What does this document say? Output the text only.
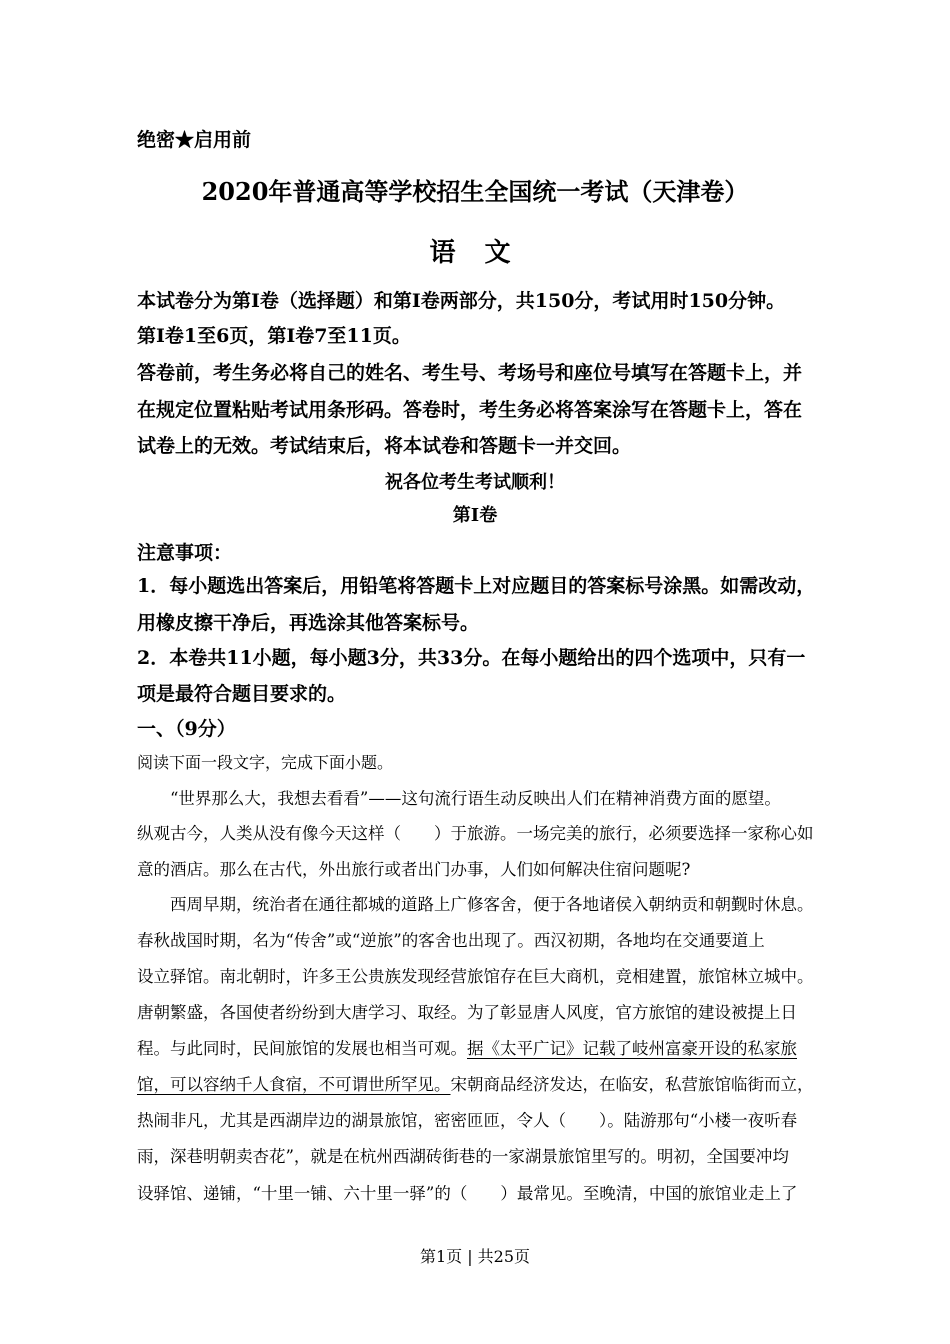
绝密★启用前
2020年普通高等学校招生全国统一考试（天津卷）
语 文
本试卷分为第Ⅰ卷（选择题）和第Ⅰ卷两部分，共150分，考试用时150分钟。
第Ⅰ卷1至6页，第Ⅰ卷7至11页。
答卷前，考生务必将自己的姓名、考生号、考场号和座位号填写在答题卡上，并
在规定位置粘贴考试用条形码。答卷时，考生务必将答案涂写在答题卡上，答在
试卷上的无效。考试结束后，将本试卷和答题卡一并交回。
祝各位考生考试顺利！
第Ⅰ卷
注意事项：
1．每小题选出答案后，用铅笔将答题卡上对应题目的答案标号涂黑。如需改动，
用橡皮擦干净后，再选涂其他答案标号。
2．本卷共11小题，每小题3分，共33分。在每小题给出的四个选项中，只有一
项是最符合题目要求的。
一、（9分）
阅读下面一段文字，完成下面小题。
“世界那么大，我想去看看”——这句流行语生动反映出人们在精神消费方面的愿望。
纵观古今，人类从没有像今天这样（　　）于旅游。一场完美的旅行，必须要选择一家称心如
意的酒店。那么在古代，外出旅行或者出门办事，人们如何解决住宿问题呢?
西周早期，统治者在通往都城的道路上广修客舍，便于各地诸侯入朝纳贡和朝觐时休息。
春秋战国时期，名为“传舍”或“逆旅”的客舍也出现了。西汉初期，各地均在交通要道上
设立驿馆。南北朝时，许多王公贵族发现经营旅馆存在巨大商机，竞相建置，旅馆林立城中。
唐朝繁盛，各国使者纷纷到大唐学习、取经。为了彰显唐人风度，官方旅馆的建设被提上日
程。与此同时，民间旅馆的发展也相当可观。据《太平广记》记载了岐州富豪开设的私家旅
馆，可以容纳千人食宿，不可谓世所罕见。宋朝商品经济发达，在临安，私营旅馆临街而立，
热闹非凡，尤其是西湖岸边的湖景旅馆，密密匝匝，令人（　　）。陆游那句“小楼一夜听春
雨，深巷明朝卖杏花”，就是在杭州西湖砖街巷的一家湖景旅馆里写的。明初，全国要冲均
设驿馆、递铺，“十里一铺、六十里一驿”的（　　）最常见。至晚清，中国的旅馆业走上了
第1页 | 共25页
